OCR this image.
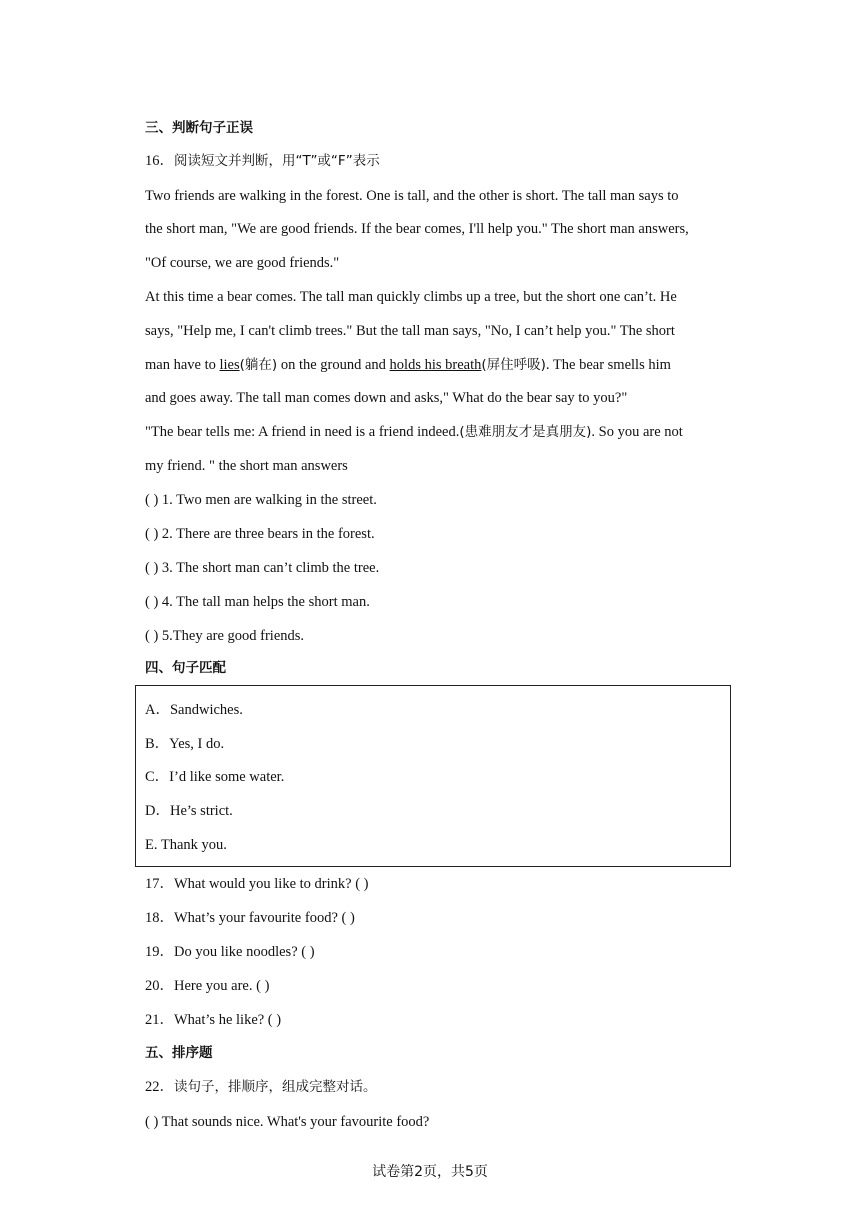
三、判断句子正误
16．阅读短文并判断，用“T”或“F”表示
Two friends are walking in the forest. One is tall, and the other is short. The tall man says to
the short man, "We are good friends. If the bear comes, I'll help you." The short man answers,
"Of course, we are good friends."
At this time a bear comes. The tall man quickly climbs up a tree, but the short one can’t. He
says, "Help me, I can't climb trees." But the tall man says, "No, I can’t help you." The short
man have to lies(躺在) on the ground and holds his breath(屏住呼吸). The bear smells him
and goes away. The tall man comes down and asks," What do the bear say to you?"
"The bear tells me: A friend in need is a friend indeed.(患难朋友才是真朋友). So you are not
my friend. " the short man answers
( ) 1. Two men are walking in the street.
( ) 2. There are three bears in the forest.
( ) 3. The short man can’t climb the tree.
( ) 4. The tall man helps the short man.
( ) 5.They are good friends.
四、句子匹配
A．Sandwiches.
B．Yes, I do.
C．I’d like some water.
D．He’s strict.
E. Thank you.
17．What would you like to drink? ( )
18．What’s your favourite food? ( )
19．Do you like noodles? ( )
20．Here you are. ( )
21．What’s he like? ( )
五、排序题
22．读句子，排顺序，组成完整对话。
( ) That sounds nice. What's your favourite food?
试卷第2页，共5页
